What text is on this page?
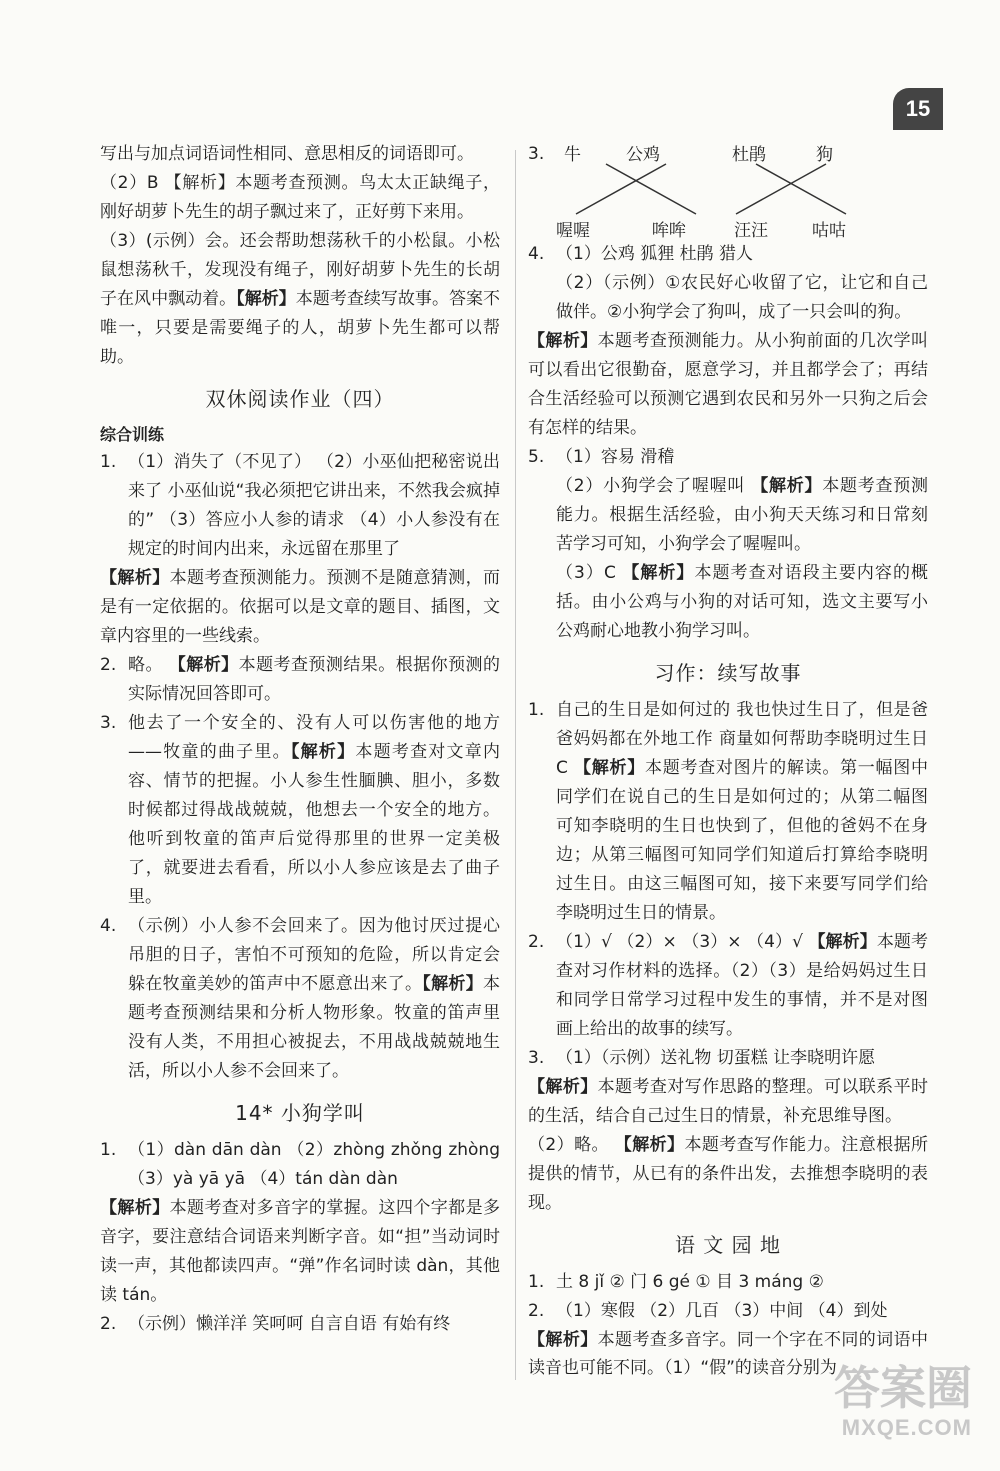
15

写出与加点词语词性相同、意思相反的词语即可。

（2）B 【解析】本题考查预测。鸟太太正缺绳子，刚好胡萝卜先生的胡子飘过来了，正好剪下来用。

（3）(示例）会。还会帮助想荡秋千的小松鼠。小松鼠想荡秋千，发现没有绳子，刚好胡萝卜先生的长胡子在风中飘动着。【解析】本题考查续写故事。答案不唯一，只要是需要绳子的人，胡萝卜先生都可以帮助。

双休阅读作业（四）

综合训练

1. （1）消失了（不见了） （2）小巫仙把秘密说出来了 小巫仙说“我必须把它讲出来，不然我会疯掉的” （3）答应小人参的请求 （4）小人参没有在规定的时间内出来，永远留在那里了

【解析】本题考查预测能力。预测不是随意猜测，而是有一定依据的。依据可以是文章的题目、插图，文章内容里的一些线索。

2. 略。 【解析】本题考查预测结果。根据你预测的实际情况回答即可。

3. 他去了一个安全的、没有人可以伤害他的地方——牧童的曲子里。【解析】本题考查对文章内容、情节的把握。小人参生性腼腆、胆小，多数时候都过得战战兢兢，他想去一个安全的地方。他听到牧童的笛声后觉得那里的世界一定美极了，就要进去看看，所以小人参应该是去了曲子里。

4. （示例）小人参不会回来了。因为他讨厌过提心吊胆的日子，害怕不可预知的危险，所以肯定会躲在牧童美妙的笛声中不愿意出来了。【解析】本题考查预测结果和分析人物形象。牧童的笛声里没有人类，不用担心被捉去，不用战战兢兢地生活，所以小人参不会回来了。

14* 小狗学叫
1. （1）dàn dān dàn （2）zhòng zhǒng zhòng （3）yà yā yā （4）tán dàn dàn

【解析】本题考查对多音字的掌握。这四个字都是多音字，要注意结合词语来判断字音。如“担”当动词时读一声，其他都读四声。“弹”作名词时读 dàn，其他读 tán。

2. （示例）懒洋洋 笑呵呵 自言自语 有始有终

3.	牛	公鸡	杜鹃	狗
喔喔	哞哞	汪汪	咕咕
4. （1）公鸡 狐狸 杜鹃 猎人

（2）（示例）①农民好心收留了它，让它和自己做伴。②小狗学会了狗叫，成了一只会叫的狗。

【解析】本题考查预测能力。从小狗前面的几次学叫可以看出它很勤奋，愿意学习，并且都学会了；再结合生活经验可以预测它遇到农民和另外一只狗之后会有怎样的结果。

5. （1）容易 滑稽

（2）小狗学会了喔喔叫 【解析】本题考查预测能力。根据生活经验，由小狗天天练习和日常刻苦学习可知，小狗学会了喔喔叫。

（3）C 【解析】本题考查对语段主要内容的概括。由小公鸡与小狗的对话可知，选文主要写小公鸡耐心地教小狗学习叫。

习作：续写故事
1. 自己的生日是如何过的 我也快过生日了，但是爸爸妈妈都在外地工作 商量如何帮助李晓明过生日 C 【解析】本题考查对图片的解读。第一幅图中同学们在说自己的生日是如何过的；从第二幅图可知李晓明的生日也快到了，但他的爸妈不在身边；从第三幅图可知同学们知道后打算给李晓明过生日。由这三幅图可知，接下来要写同学们给李晓明过生日的情景。

2. （1）√ （2）× （3）× （4）√ 【解析】本题考查对习作材料的选择。（2）（3）是给妈妈过生日和同学日常学习过程中发生的事情，并不是对图画上给出的故事的续写。

3. （1）（示例）送礼物 切蛋糕 让李晓明许愿

【解析】本题考查对写作思路的整理。可以联系平时的生活，结合自己过生日的情景，补充思维导图。

（2）略。 【解析】本题考查写作能力。注意根据所提供的情节，从已有的条件出发，去推想李晓明的表现。

语 文 园 地
1. 土 8 jǐ ② 门 6 gé ① 目 3 máng ②

2. （1）寒假 （2）几百 （3）中间 （4）到处

【解析】本题考查多音字。同一个字在不同的词语中读音也可能不同。（1）“假”的读音分别为

答案圈
MXQE.COM
